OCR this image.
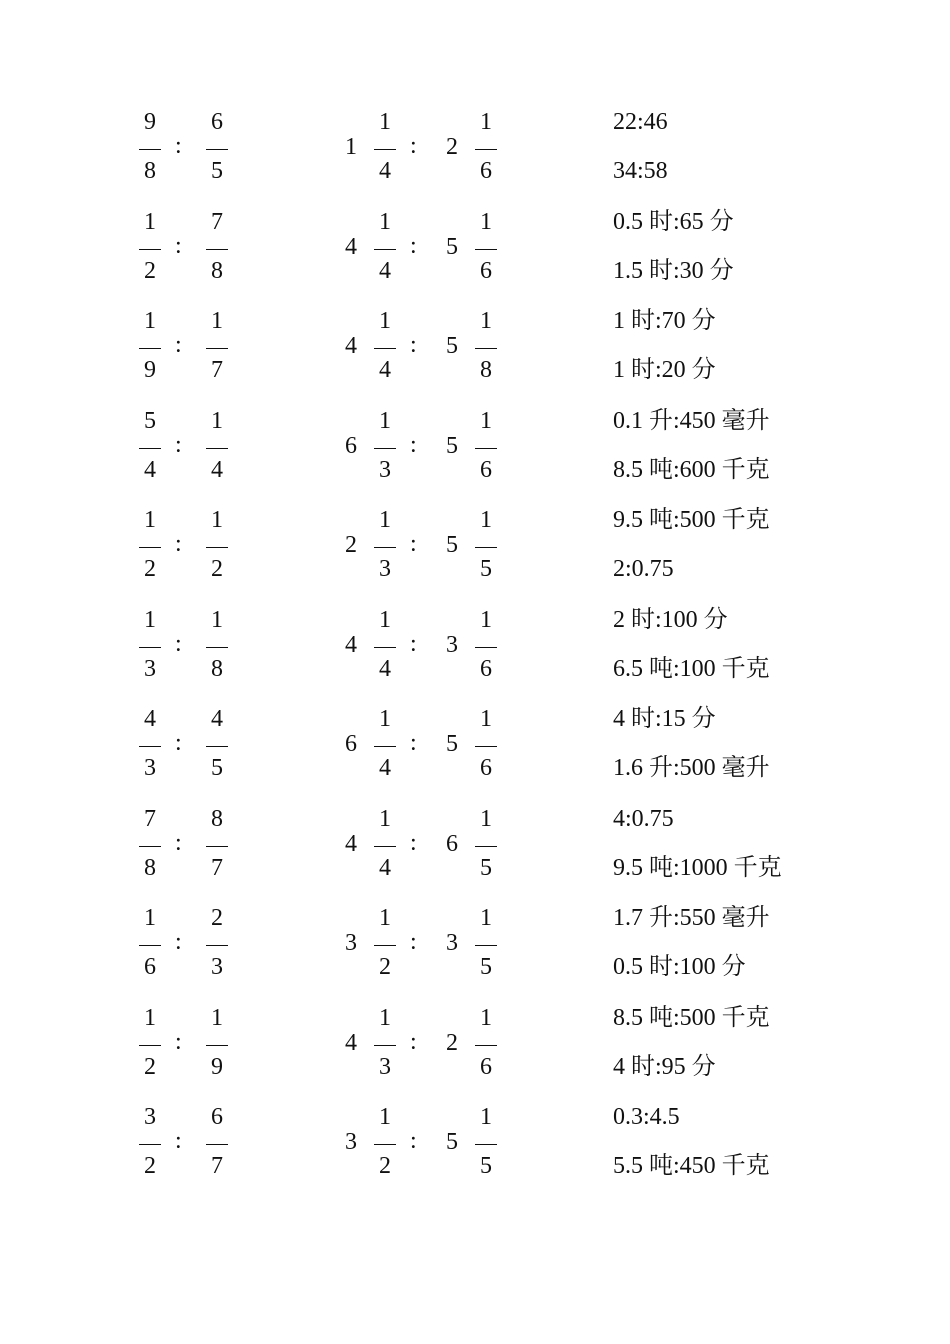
9
8
:
6
5
1
1
4
: 2
1
6
22:46
34:58
1
2
:
7
8
4
1
4
: 5
1
6
0.5 时:65 分
1.5 时:30 分
1
9
:
1
7
4
1
4
: 5
1
8
1 时:70 分
1 时:20 分
5
4
:
1
4
6
1
3
: 5
1
6
0.1 升:450 毫升
8.5 吨:600 千克
1
2
:
1
2
2
1
3
: 5
1
5
9.5 吨:500 千克
2:0.75
1
3
:
1
8
4
1
4
: 3
1
6
2 时:100 分
6.5 吨:100 千克
4
3
:
4
5
6
1
4
: 5
1
6
4 时:15 分
1.6 升:500 毫升
7
8
:
8
7
4
1
4
: 6
1
5
4:0.75
9.5 吨:1000 千克
1
6
:
2
3
3
1
2
: 3
1
5
1.7 升:550 毫升
0.5 时:100 分
1
2
:
1
9
4
1
3
: 2
1
6
8.5 吨:500 千克
4 时:95 分
3
2
:
6
7
3
1
2
: 5
1
5
0.3:4.5
5.5 吨:450 千克
